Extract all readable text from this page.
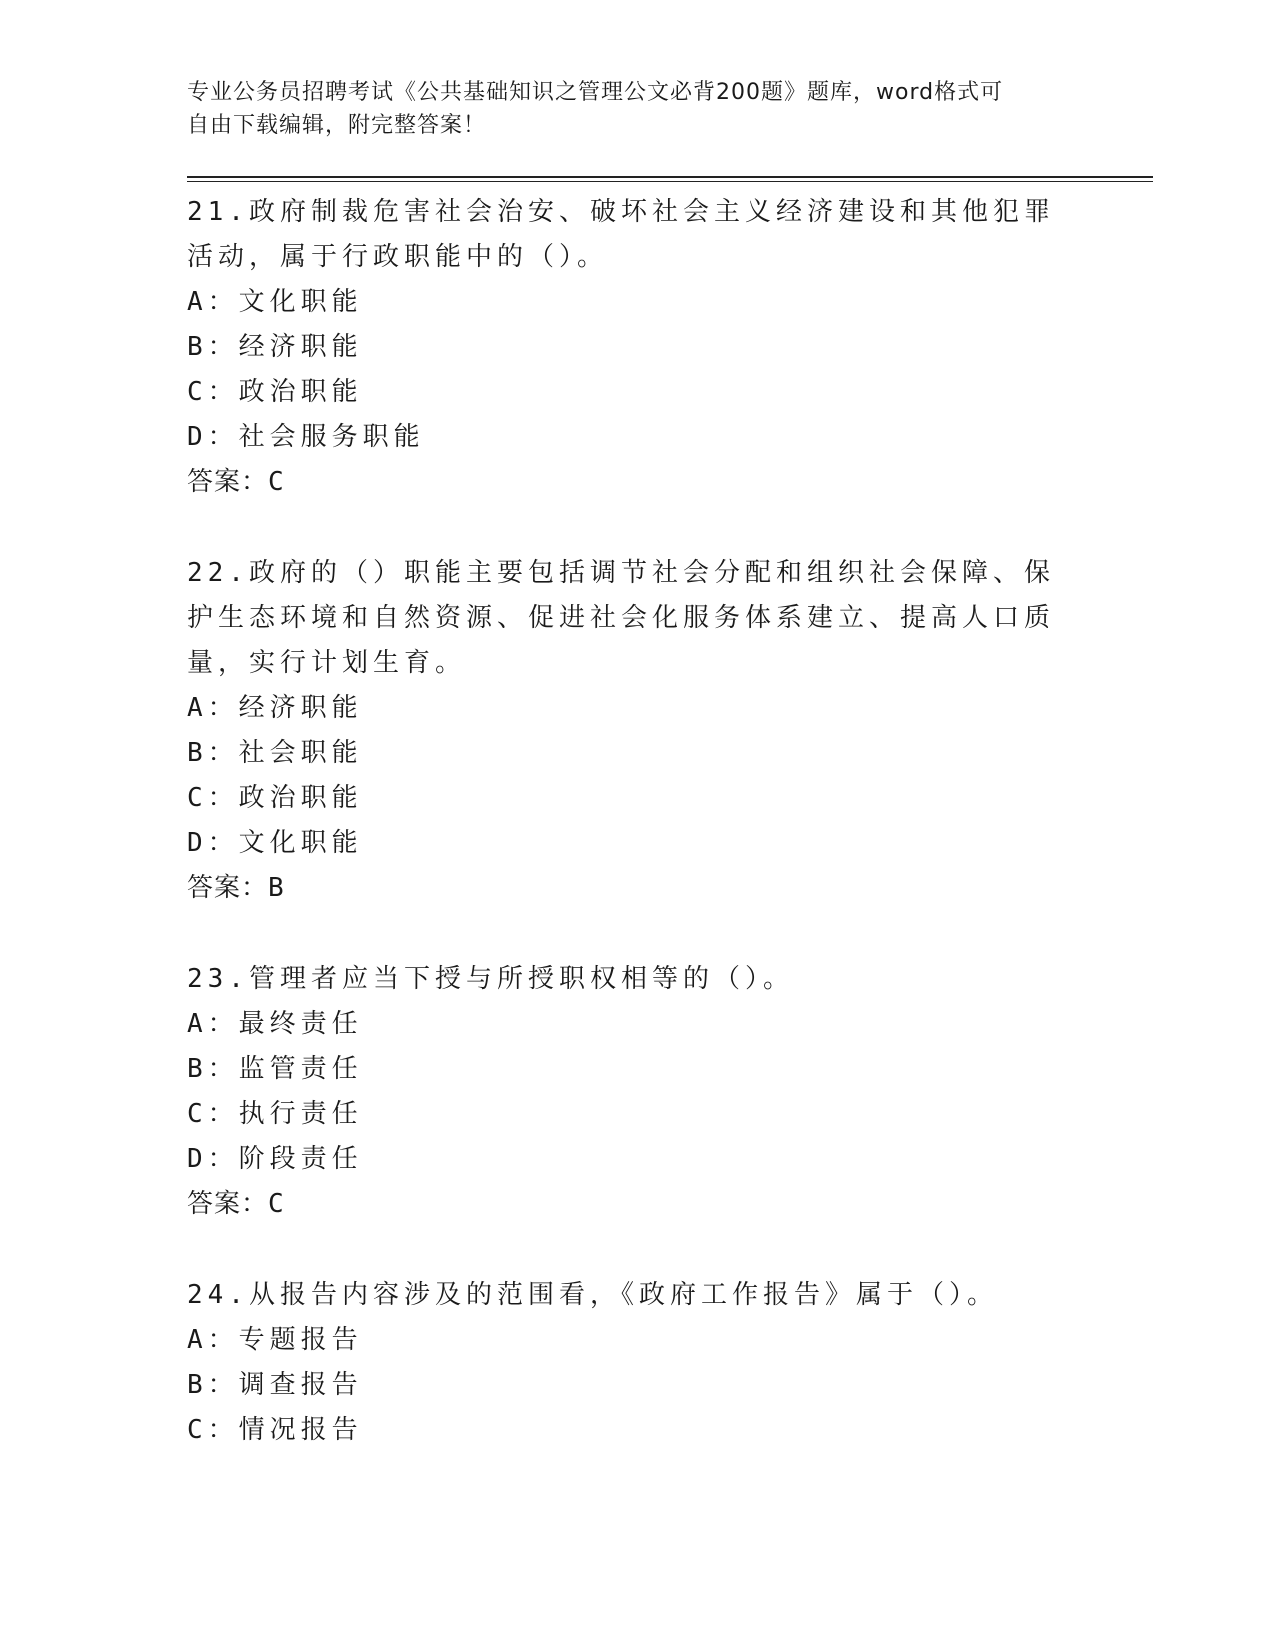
专业公务员招聘考试《公共基础知识之管理公文必背200题》题库，word格式可
自由下载编辑，附完整答案！
21.政府制裁危害社会治安、破坏社会主义经济建设和其他犯罪活动，属于行政职能中的（）。
A：文化职能
B：经济职能
C：政治职能
D：社会服务职能
答案：C
22.政府的（）职能主要包括调节社会分配和组织社会保障、保护生态环境和自然资源、促进社会化服务体系建立、提高人口质量，实行计划生育。
A：经济职能
B：社会职能
C：政治职能
D：文化职能
答案：B
23.管理者应当下授与所授职权相等的（）。
A：最终责任
B：监管责任
C：执行责任
D：阶段责任
答案：C
24.从报告内容涉及的范围看，《政府工作报告》属于（）。
A：专题报告
B：调查报告
C：情况报告
